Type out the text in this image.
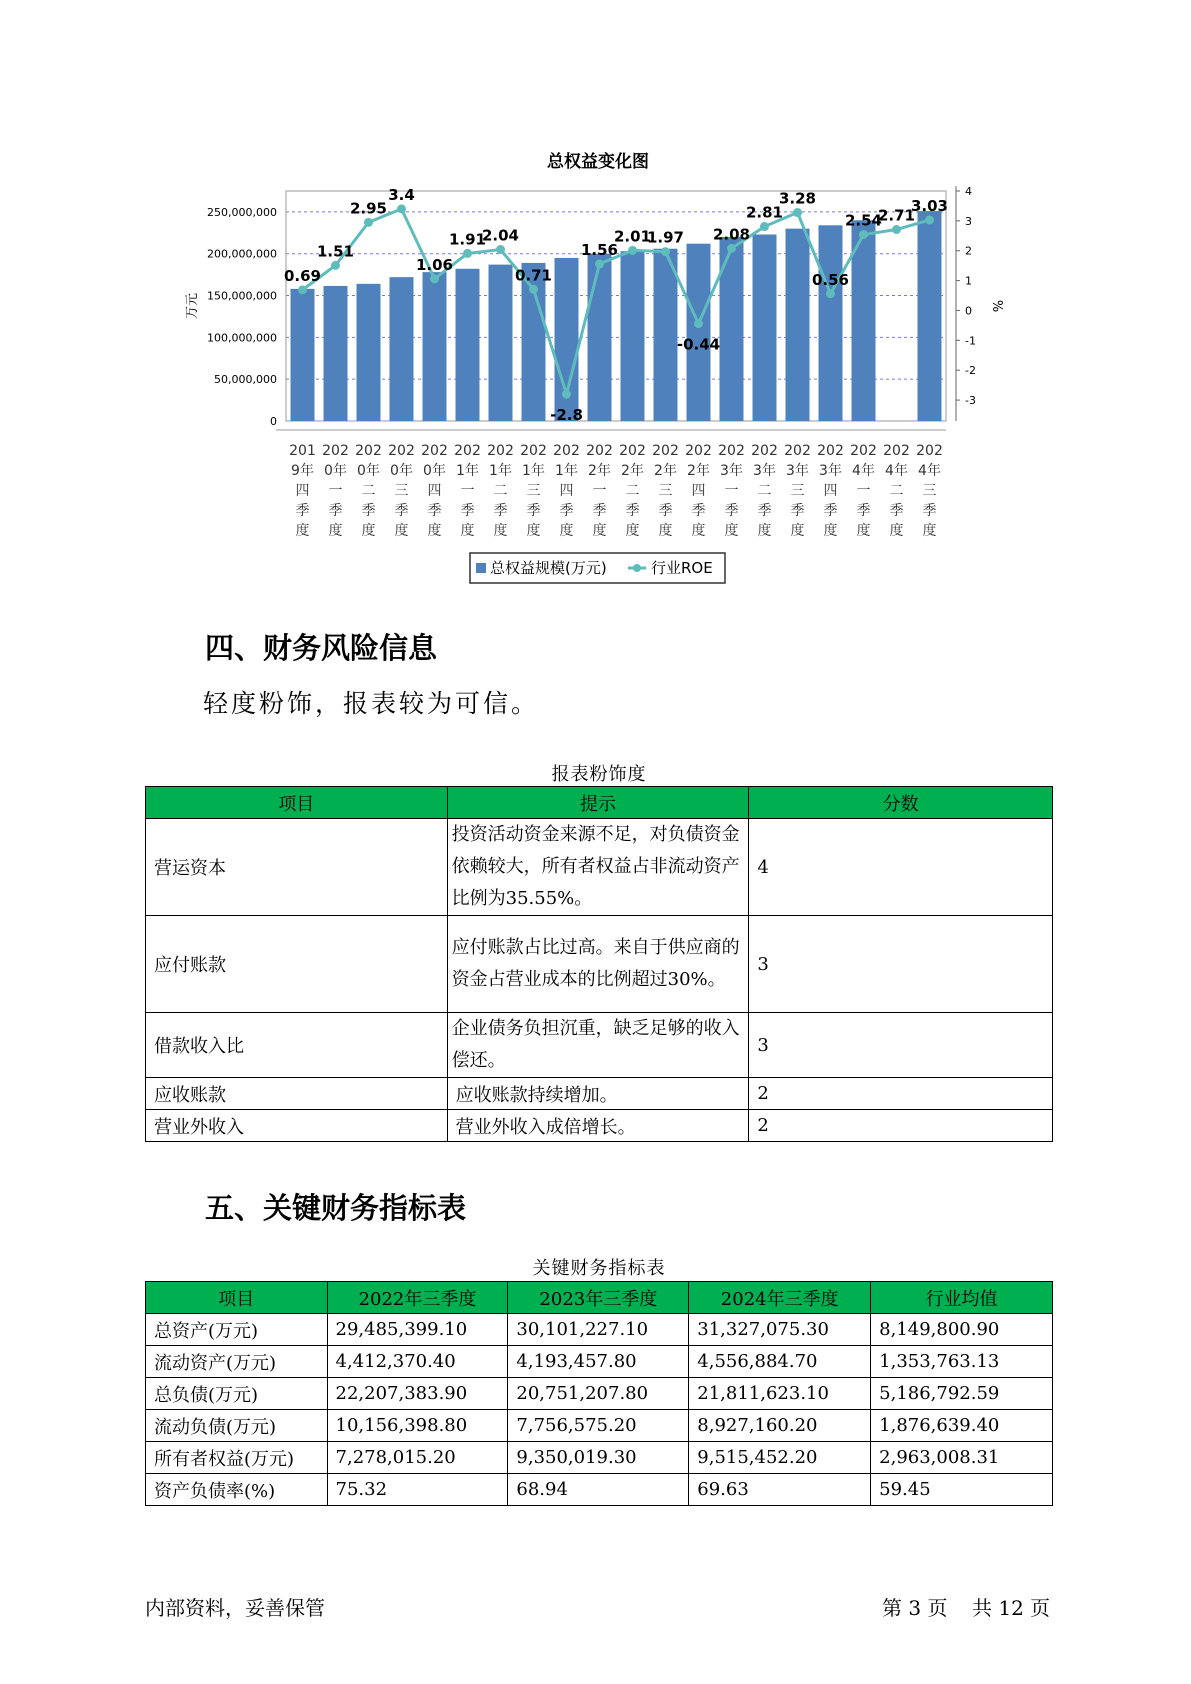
总权益变化图
250,000,000
200,000,000
150,000,000
100,000,000
50,000,000
0
4
3
2
1
0
-1
-2
-3
万元	%
201
9年
四
季
度
202
0年
一
季
度
202
0年
二
季
度
202
0年
三
季
度
202
0年
四
季
度
202
1年
一
季
度
202
1年
二
季
度
202
1年
三
季
度
202
1年
四
季
度
202
2年
一
季
度
202
2年
二
季
度
202
2年
三
季
度
202
2年
四
季
度
202
3年
一
季
度
202
3年
二
季
度
202
3年
三
季
度
202
3年
四
季
度
202
4年
一
季
度
202
4年
二
季
度
202
4年
三
季
度
0.69
1.51
2.95
3.4
1.06
1.91
2.04
0.71
-2.8
1.56
2.01
1.97
-0.44
2.08
2.81
3.28
0.56
2.54
2.71
3.03
总权益规模(万元)	行业ROE
四、财务风险信息
轻度粉饰，报表较为可信。
报表粉饰度
项目	提示	分数
营运资本	投资活动资金来源不足，对负债资金依赖较大，所有者权益占非流动资产比例为35.55%。	4
应付账款	应付账款占比过高。来自于供应商的资金占营业成本的比例超过30%。	3
借款收入比	企业债务负担沉重，缺乏足够的收入偿还。	3
应收账款	应收账款持续增加。	2
营业外收入	营业外收入成倍增长。	2
五、关键财务指标表
关键财务指标表
项目	2022年三季度	2023年三季度	2024年三季度	行业均值
总资产(万元)	29,485,399.10	30,101,227.10	31,327,075.30	8,149,800.90
流动资产(万元)	4,412,370.40	4,193,457.80	4,556,884.70	1,353,763.13
总负债(万元)	22,207,383.90	20,751,207.80	21,811,623.10	5,186,792.59
流动负债(万元)	10,156,398.80	7,756,575.20	8,927,160.20	1,876,639.40
所有者权益(万元)	7,278,015.20	9,350,019.30	9,515,452.20	2,963,008.31
资产负债率(%)	75.32	68.94	69.63	59.45
内部资料，妥善保管	第 3 页 共 12 页
